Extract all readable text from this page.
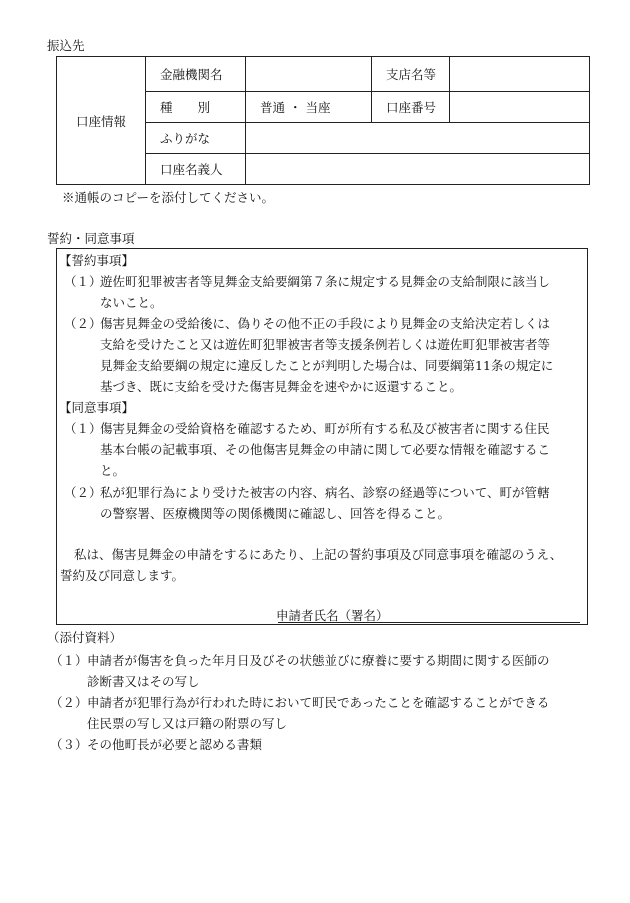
振込先
口座情報	金融機関名		支店名等	
	種　　別	普通 ・ 当座	口座番号	
	ふりがな			
	口座名義人			
※通帳のコピーを添付してください。
誓約・同意事項
【誓約事項】
（１）
遊佐町犯罪被害者等見舞金支給要綱第７条に規定する見舞金の支給制限に該当し
ないこと。
（２）
傷害見舞金の受給後に、偽りその他不正の手段により見舞金の支給決定若しくは
支給を受けたこと又は遊佐町犯罪被害者等支援条例若しくは遊佐町犯罪被害者等
見舞金支給要綱の規定に違反したことが判明した場合は、同要綱第11条の規定に
基づき、既に支給を受けた傷害見舞金を速やかに返還すること。
【同意事項】
（１）
傷害見舞金の受給資格を確認するため、町が所有する私及び被害者に関する住民
基本台帳の記載事項、その他傷害見舞金の申請に関して必要な情報を確認するこ
と。
（２）
私が犯罪行為により受けた被害の内容、病名、診察の経過等について、町が管轄
の警察署、医療機関等の関係機関に確認し、回答を得ること。
私は、傷害見舞金の申請をするにあたり、上記の誓約事項及び同意事項を確認のうえ、
誓約及び同意します。
申請者氏名（署名）
（添付資料）
（１） 申請者が傷害を負った年月日及びその状態並びに療養に要する期間に関する医師の
診断書又はその写し
（２） 申請者が犯罪行為が行われた時において町民であったことを確認することができる
住民票の写し又は戸籍の附票の写し
（３） その他町長が必要と認める書類
